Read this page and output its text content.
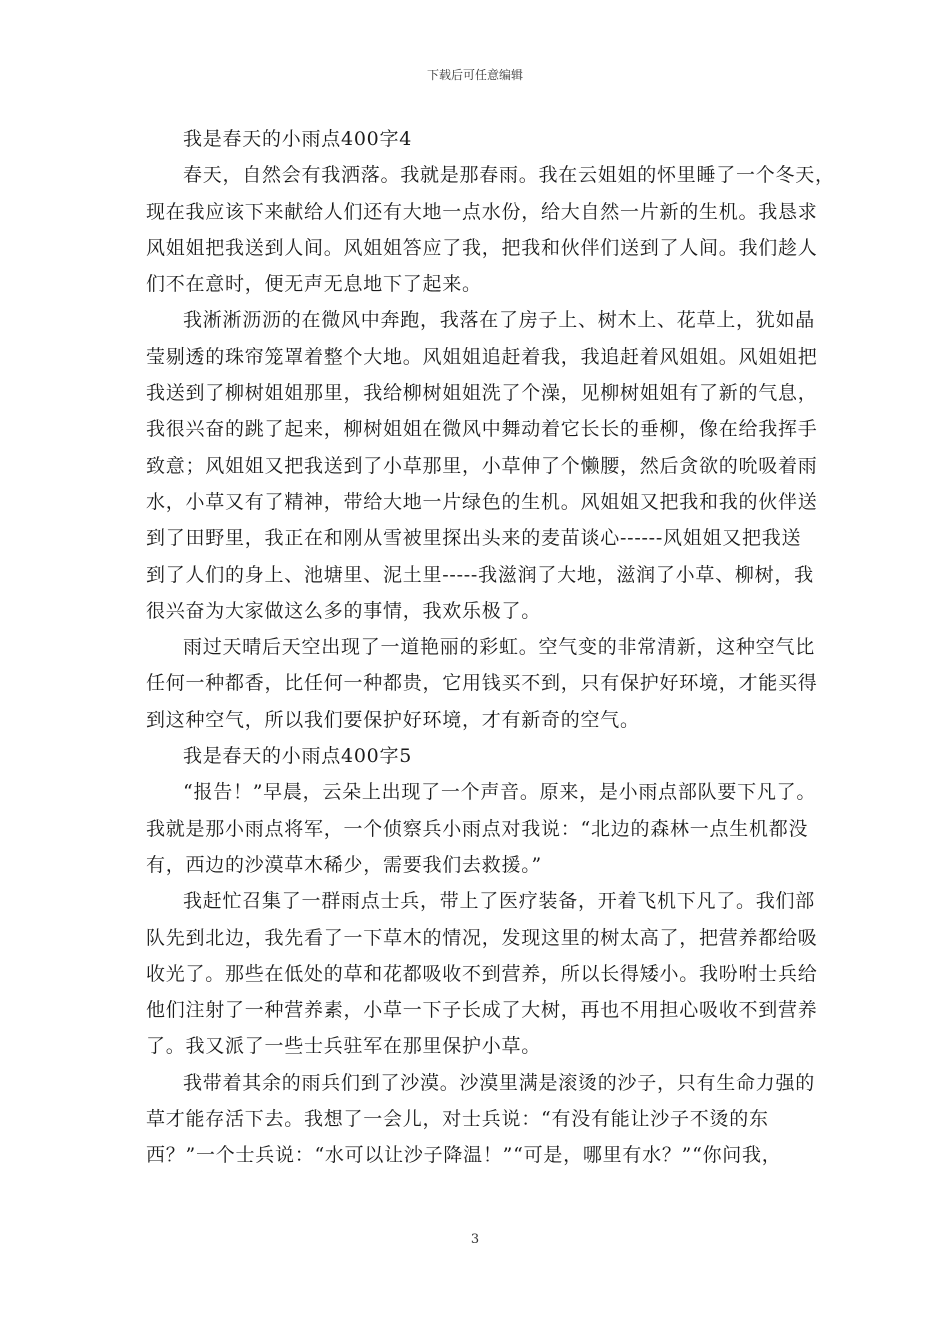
下载后可任意编辑
我是春天的小雨点400字4
春天，自然会有我洒落。我就是那春雨。我在云姐姐的怀里睡了一个冬天，
现在我应该下来献给人们还有大地一点水份，给大自然一片新的生机。我恳求
风姐姐把我送到人间。风姐姐答应了我，把我和伙伴们送到了人间。我们趁人
们不在意时，便无声无息地下了起来。
我淅淅沥沥的在微风中奔跑，我落在了房子上、树木上、花草上，犹如晶
莹剔透的珠帘笼罩着整个大地。风姐姐追赶着我，我追赶着风姐姐。风姐姐把
我送到了柳树姐姐那里，我给柳树姐姐洗了个澡，见柳树姐姐有了新的气息，
我很兴奋的跳了起来，柳树姐姐在微风中舞动着它长长的垂柳，像在给我挥手
致意；风姐姐又把我送到了小草那里，小草伸了个懒腰，然后贪欲的吮吸着雨
水，小草又有了精神，带给大地一片绿色的生机。风姐姐又把我和我的伙伴送
到了田野里，我正在和刚从雪被里探出头来的麦苗谈心------风姐姐又把我送
到了人们的身上、池塘里、泥土里-----我滋润了大地，滋润了小草、柳树，我
很兴奋为大家做这么多的事情，我欢乐极了。
雨过天晴后天空出现了一道艳丽的彩虹。空气变的非常清新，这种空气比
任何一种都香，比任何一种都贵，它用钱买不到，只有保护好环境，才能买得
到这种空气，所以我们要保护好环境，才有新奇的空气。
我是春天的小雨点400字5
“报告！”早晨，云朵上出现了一个声音。原来，是小雨点部队要下凡了。
我就是那小雨点将军，一个侦察兵小雨点对我说：“北边的森林一点生机都没
有，西边的沙漠草木稀少，需要我们去救援。”
我赶忙召集了一群雨点士兵，带上了医疗装备，开着飞机下凡了。我们部
队先到北边，我先看了一下草木的情况，发现这里的树太高了，把营养都给吸
收光了。那些在低处的草和花都吸收不到营养，所以长得矮小。我吩咐士兵给
他们注射了一种营养素，小草一下子长成了大树，再也不用担心吸收不到营养
了。我又派了一些士兵驻军在那里保护小草。
我带着其余的雨兵们到了沙漠。沙漠里满是滚烫的沙子，只有生命力强的
草才能存活下去。我想了一会儿，对士兵说：“有没有能让沙子不烫的东
西？”一个士兵说：“水可以让沙子降温！”“可是，哪里有水？”“你问我，
3
